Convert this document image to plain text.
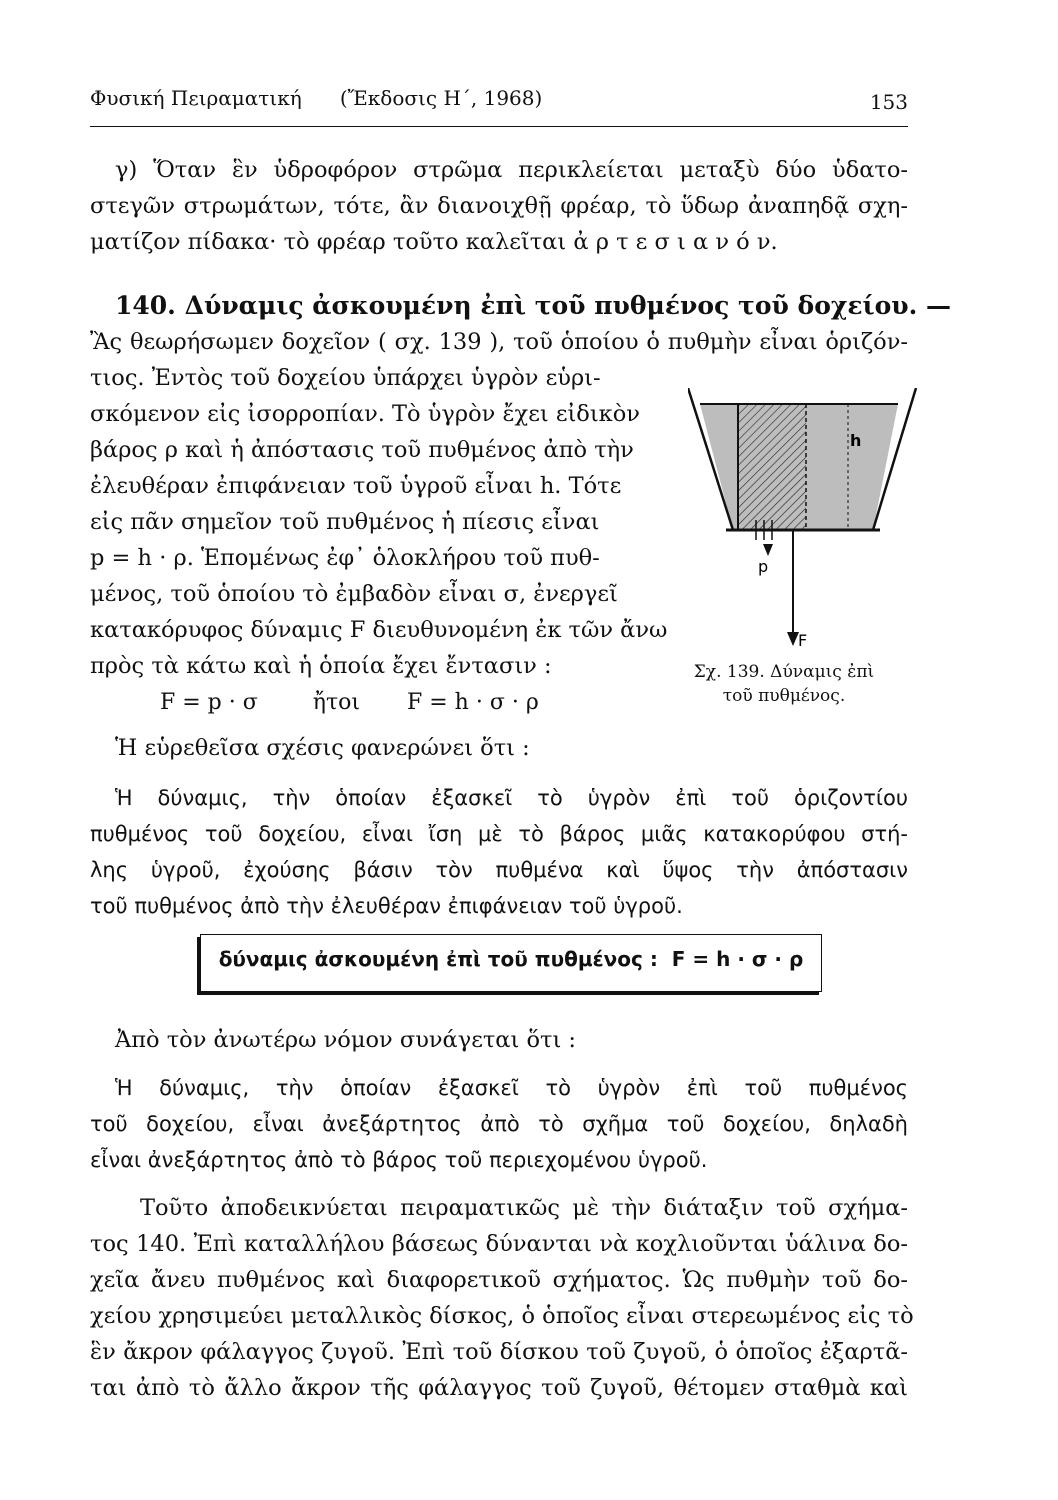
Φυσική Πειραματική      (Ἔκδοσις Η΄, 1968)	153
γ) Ὅταν ἓν ὑδροφόρον στρῶμα περικλείεται μεταξὺ δύο ὑδατο-
στεγῶν στρωμάτων, τότε, ἂν διανοιχθῇ φρέαρ, τὸ ὕδωρ ἀναπηδᾷ σχη-
ματίζον πίδακα· τὸ φρέαρ τοῦτο καλεῖται ἀ ρ τ ε σ ι α ν ό ν.
140. Δύναμις ἀσκουμένη ἐπὶ τοῦ πυθμένος τοῦ δοχείου. —
Ἂς θεωρήσωμεν δοχεῖον ( σχ. 139 ), τοῦ ὁποίου ὁ πυθμὴν εἶναι ὁριζόν-
τιος. Ἐντὸς τοῦ δοχείου ὑπάρχει ὑγρὸν εὑρι-
σκόμενον εἰς ἰσορροπίαν. Τὸ ὑγρὸν ἔχει εἰδικὸν
βάρος ρ καὶ ἡ ἀπόστασις τοῦ πυθμένος ἀπὸ τὴν
ἐλευθέραν ἐπιφάνειαν τοῦ ὑγροῦ εἶναι h. Τότε
εἰς πᾶν σημεῖον τοῦ πυθμένος ἡ πίεσις εἶναι
p = h · ρ. Ἑπομένως ἐφ᾽ ὁλοκλήρου τοῦ πυθ-
μένος, τοῦ ὁποίου τὸ ἐμβαδὸν εἶναι σ, ἐνεργεῖ
κατακόρυφος δύναμις F διευθυνομένη ἐκ τῶν ἄνω
πρὸς τὰ κάτω καὶ ἡ ὁποία ἔχει ἔντασιν :
F = p · σ	ἤτοι F = h · σ · ρ
h
p
F
Σχ. 139. Δύναμις ἐπὶ
τοῦ πυθμένος.
Ἡ εὑρεθεῖσα σχέσις φανερώνει ὅτι :
Ἡ δύναμις, τὴν ὁποίαν ἐξασκεῖ τὸ ὑγρὸν ἐπὶ τοῦ ὁριζοντίου
πυθμένος τοῦ δοχείου, εἶναι ἴση μὲ τὸ βάρος μιᾶς κατακορύφου στή-
λης ὑγροῦ, ἐχούσης βάσιν τὸν πυθμένα καὶ ὕψος τὴν ἀπόστασιν
τοῦ πυθμένος ἀπὸ τὴν ἐλευθέραν ἐπιφάνειαν τοῦ ὑγροῦ.
δύναμις ἀσκουμένη ἐπὶ τοῦ πυθμένος :  F = h · σ · ρ
Ἀπὸ τὸν ἀνωτέρω νόμον συνάγεται ὅτι :
Ἡ δύναμις, τὴν ὁποίαν ἐξασκεῖ τὸ ὑγρὸν ἐπὶ τοῦ πυθμένος
τοῦ δοχείου, εἶναι ἀνεξάρτητος ἀπὸ τὸ σχῆμα τοῦ δοχείου, δηλαδὴ
εἶναι ἀνεξάρτητος ἀπὸ τὸ βάρος τοῦ περιεχομένου ὑγροῦ.
Τοῦτο ἀποδεικνύεται πειραματικῶς μὲ τὴν διάταξιν τοῦ σχήμα-
τος 140. Ἐπὶ καταλλήλου βάσεως δύνανται νὰ κοχλιοῦνται ὑάλινα δο-
χεῖα ἄνευ πυθμένος καὶ διαφορετικοῦ σχήματος. Ὡς πυθμὴν τοῦ δο-
χείου χρησιμεύει μεταλλικὸς δίσκος, ὁ ὁποῖος εἶναι στερεωμένος εἰς τὸ
ἓν ἄκρον φάλαγγος ζυγοῦ. Ἐπὶ τοῦ δίσκου τοῦ ζυγοῦ, ὁ ὁποῖος ἐξαρτᾶ-
ται ἀπὸ τὸ ἄλλο ἄκρον τῆς φάλαγγος τοῦ ζυγοῦ, θέτομεν σταθμὰ καὶ
